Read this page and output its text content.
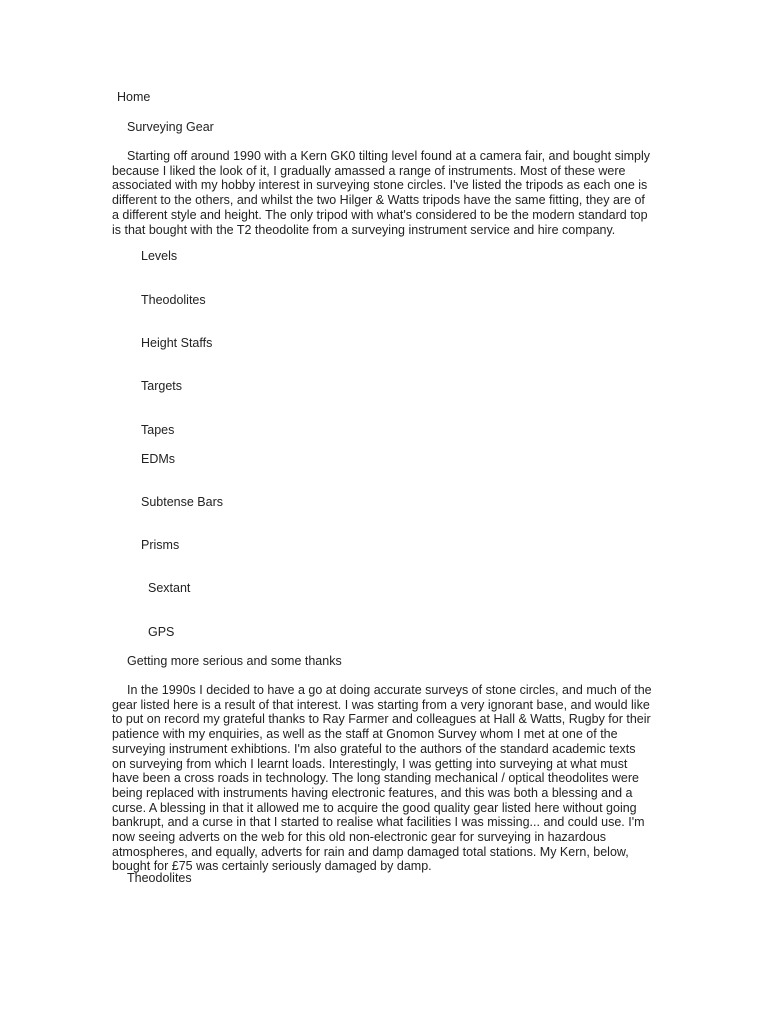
Home
Surveying Gear

Starting off around 1990 with a Kern GK0 tilting level found at a camera fair, and bought simply

because I liked the look of it, I gradually amassed a range of instruments. Most of these were

associated with my hobby interest in surveying stone circles. I've listed the tripods as each one is

different to the others, and whilst the two Hilger & Watts tripods have the same fitting, they are of

a different style and height. The only tripod with what's considered to be the modern standard top

is that bought with the T2 theodolite from a surveying instrument service and hire company.

Levels
Theodolites
Height Staffs
Targets
Tapes
EDMs
Subtense Bars
Prisms
Sextant
GPS
Getting more serious and some thanks

In the 1990s I decided to have a go at doing accurate surveys of stone circles, and much of the

gear listed here is a result of that interest. I was starting from a very ignorant base, and would like

to put on record my grateful thanks to Ray Farmer and colleagues at Hall & Watts, Rugby for their

patience with my enquiries, as well as the staff at Gnomon Survey whom I met at one of the

surveying instrument exhibtions. I'm also grateful to the authors of the standard academic texts

on surveying from which I learnt loads. Interestingly, I was getting into surveying at what must

have been a cross roads in technology. The long standing mechanical / optical theodolites were

being replaced with instruments having electronic features, and this was both a blessing and a

curse. A blessing in that it allowed me to acquire the good quality gear listed here without going

bankrupt, and a curse in that I started to realise what facilities I was missing... and could use. I'm

now seeing adverts on the web for this old non-electronic gear for surveying in hazardous

atmospheres, and equally, adverts for rain and damp damaged total stations. My Kern, below,

bought for £75 was certainly seriously damaged by damp.

Theodolites
